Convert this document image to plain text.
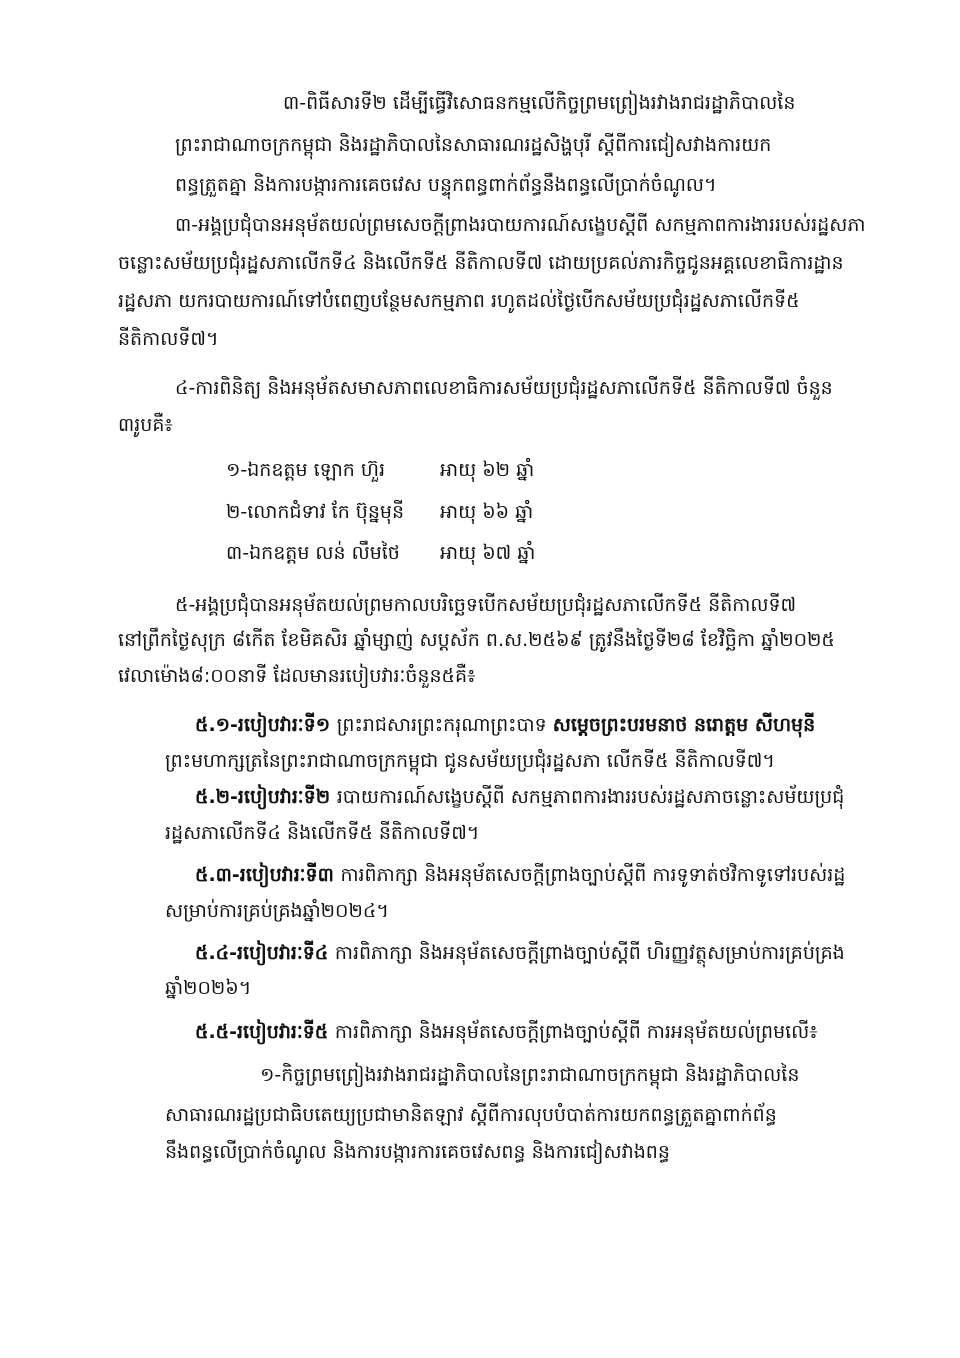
៣-ពិធីសារទី២ ដើម្បីធ្វើវិសោធនកម្មលើកិច្ចព្រមព្រៀងរវាងរាជរដ្ឋាភិបាលនៃ
ព្រះរាជាណាចក្រកម្ពុជា និងរដ្ឋាភិបាលនៃសាធារណរដ្ឋសិង្ហបុរី ស្តីពីការជៀសវាងការយក
ពន្ធត្រួតគ្នា និងការបង្ការការគេចវេស បន្ទុកពន្ធពាក់ព័ន្ធនឹងពន្ធលើប្រាក់ចំណូល។
៣-អង្គប្រជុំបានអនុម័តយល់ព្រមសេចក្តីព្រាងរបាយការណ៍សង្ខេបស្តីពី សកម្មភាពការងាររបស់រដ្ឋសភា
ចន្លោះសម័យប្រជុំរដ្ឋសភាលើកទី៤ និងលើកទី៥ នីតិកាលទី៧ ដោយប្រគល់ភារកិច្ចជូនអគ្គលេខាធិការដ្ឋាន
រដ្ឋសភា យករបាយការណ៍ទៅបំពេញបន្ថែមសកម្មភាព រហូតដល់ថ្ងៃបើកសម័យប្រជុំរដ្ឋសភាលើកទី៥
នីតិកាលទី៧។
៤-ការពិនិត្យ និងអនុម័តសមាសភាពលេខាធិការសម័យប្រជុំរដ្ឋសភាលើកទី៥ នីតិកាលទី៧ ចំនួន
៣រូបគឺ៖
៥-អង្គប្រជុំបានអនុម័តយល់ព្រមកាលបរិច្ឆេទបើកសម័យប្រជុំរដ្ឋសភាលើកទី៥ នីតិកាលទី៧
នៅព្រឹកថ្ងៃសុក្រ ៨កើត ខែមិគសិរ ឆ្នាំម្សាញ់ សប្តស័ក ព.ស.២៥៦៩ ត្រូវនឹងថ្ងៃទី២៨ ខែវិច្ឆិកា ឆ្នាំ២០២៥
វេលាម៉ោង៨:០០នាទី ដែលមានរបៀបវារៈចំនួន៥គឺ៖
៥.១-របៀបវារៈទី១ ព្រះរាជសារព្រះករុណាព្រះបាទ សម្តេចព្រះបរមនាថ នរោត្តម សីហមុនី
ព្រះមហាក្សត្រនៃព្រះរាជាណាចក្រកម្ពុជា ជូនសម័យប្រជុំរដ្ឋសភា លើកទី៥ នីតិកាលទី៧។
៥.២-របៀបវារៈទី២ របាយការណ៍សង្ខេបស្តីពី សកម្មភាពការងាររបស់រដ្ឋសភាចន្លោះសម័យប្រជុំ
រដ្ឋសភាលើកទី៤ និងលើកទី៥ នីតិកាលទី៧។
៥.៣-របៀបវារៈទី៣ ការពិភាក្សា និងអនុម័តសេចក្តីព្រាងច្បាប់ស្តីពី ការទូទាត់ថវិកាទូទៅរបស់រដ្ឋ
សម្រាប់ការគ្រប់គ្រងឆ្នាំ២០២៤។
៥.៤-របៀបវារៈទី៤ ការពិភាក្សា និងអនុម័តសេចក្តីព្រាងច្បាប់ស្តីពី ហិរញ្ញវត្ថុសម្រាប់ការគ្រប់គ្រង
ឆ្នាំ២០២៦។
៥.៥-របៀបវារៈទី៥ ការពិភាក្សា និងអនុម័តសេចក្តីព្រាងច្បាប់ស្តីពី ការអនុម័តយល់ព្រមលើ៖
១-កិច្ចព្រមព្រៀងរវាងរាជរដ្ឋាភិបាលនៃព្រះរាជាណាចក្រកម្ពុជា និងរដ្ឋាភិបាលនៃ
សាធារណរដ្ឋប្រជាធិបតេយ្យប្រជាមានិតឡាវ ស្តីពីការលុបបំបាត់ការយកពន្ធត្រួតគ្នាពាក់ព័ន្ធ
នឹងពន្ធលើប្រាក់ចំណូល និងការបង្ការការគេចវេសពន្ធ និងការជៀសវាងពន្ធ
១-ឯកឧត្តម ឡោក ហ៊ួរ	អាយុ ៦២ ឆ្នាំ
២-លោកជំទាវ កែ ប៊ុន្នមុនី អាយុ ៦៦ ឆ្នាំ
៣-ឯកឧត្តម លន់ លឹមថៃ អាយុ ៦៧ ឆ្នាំ
